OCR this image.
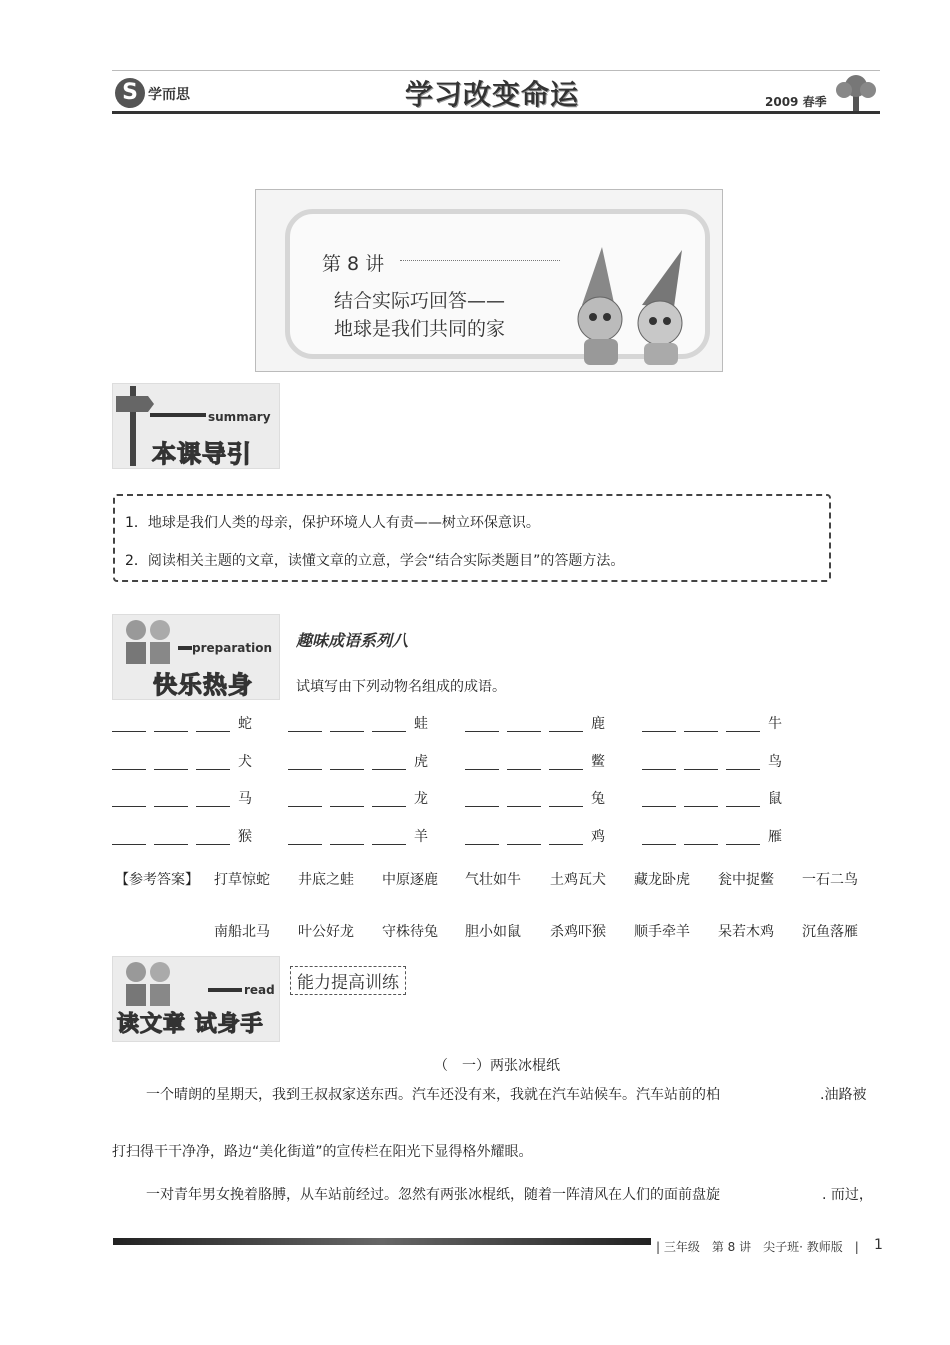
S 学而思	学习改变命运	2009 春季
第 8 讲
结合实际巧回答——
地球是我们共同的家
summary
本课导引
1．地球是我们人类的母亲，保护环境人人有责——树立环保意识。
2．阅读相关主题的文章，读懂文章的立意，学会“结合实际类题目”的答题方法。
preparation
快乐热身
趣味成语系列八
试填写由下列动物名组成的成语。
蛇	蛙	鹿	牛
犬	虎	鳖	鸟
马	龙	兔	鼠
猴	羊	鸡	雁
【参考答案】 打草惊蛇 井底之蛙 中原逐鹿 气壮如牛 土鸡瓦犬 藏龙卧虎 瓮中捉鳖 一石二鸟
南船北马 叶公好龙 守株待兔 胆小如鼠 杀鸡吓猴 顺手牵羊 呆若木鸡 沉鱼落雁
read
读文章 试身手
能力提高训练
（　一）两张冰棍纸
一个晴朗的星期天，我到王叔叔家送东西。汽车还没有来，我就在汽车站候车。汽车站前的柏	.油路被
打扫得干干净净，路边“美化街道”的宣传栏在阳光下显得格外耀眼。
一对青年男女挽着胳膊，从车站前经过。忽然有两张冰棍纸，随着一阵清风在人们的面前盘旋	. 而过，
| 三年级　第 8 讲　尖子班· 教师版　| 1
